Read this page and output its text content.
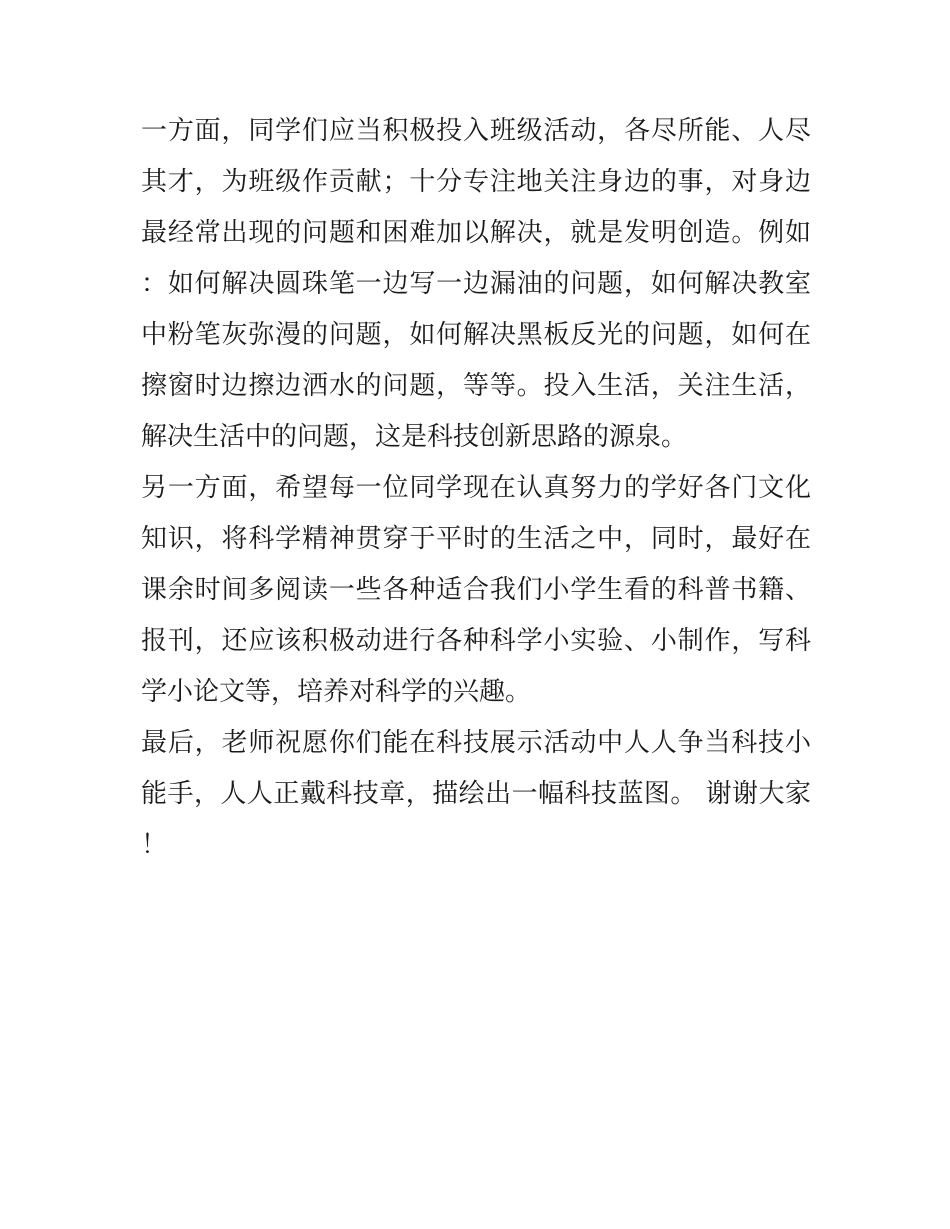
一方面，同学们应当积极投入班级活动，各尽所能、人尽其才，为班级作贡献；十分专注地关注身边的事，对身边最经常出现的问题和困难加以解决，就是发明创造。例如：如何解决圆珠笔一边写一边漏油的问题，如何解决教室中粉笔灰弥漫的问题，如何解决黑板反光的问题，如何在擦窗时边擦边洒水的问题，等等。投入生活，关注生活，解决生活中的问题，这是科技创新思路的源泉。

另一方面，希望每一位同学现在认真努力的学好各门文化知识，将科学精神贯穿于平时的生活之中，同时，最好在课余时间多阅读一些各种适合我们小学生看的科普书籍、报刊，还应该积极动进行各种科学小实验、小制作，写科学小论文等，培养对科学的兴趣。

最后，老师祝愿你们能在科技展示活动中人人争当科技小能手，人人正戴科技章，描绘出一幅科技蓝图。 谢谢大家！
